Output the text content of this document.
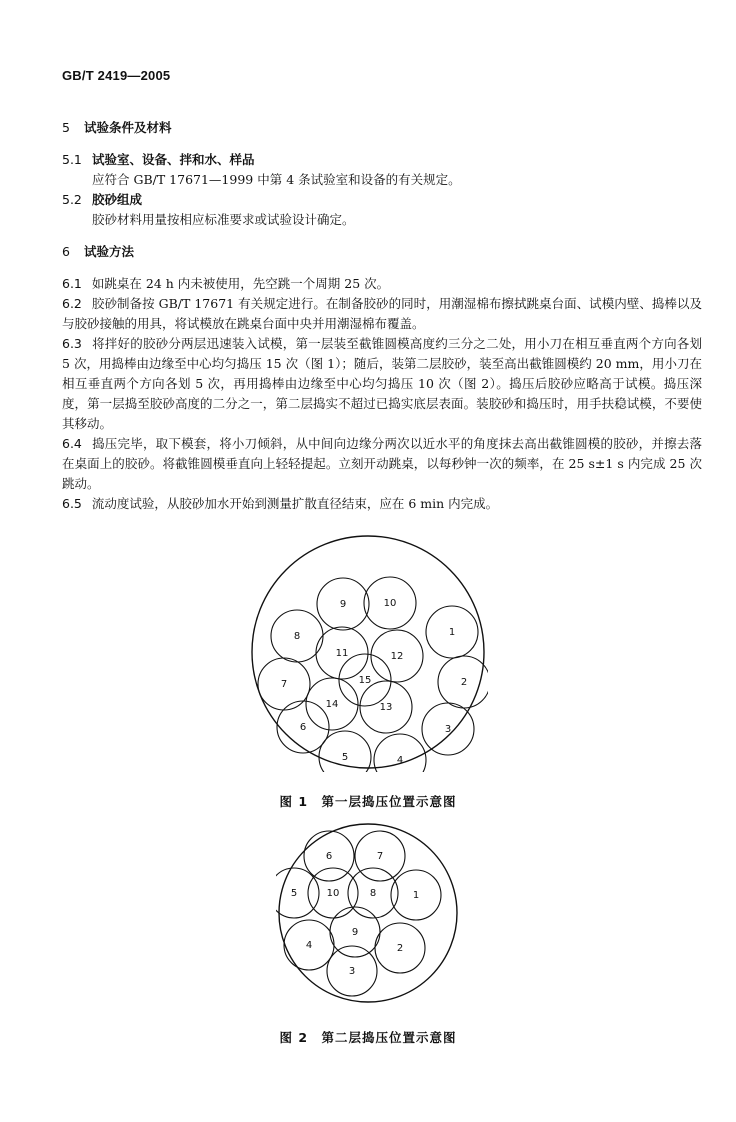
GB/T 2419—2005

5 试验条件及材料

5.1 试验室、设备、拌和水、样品

应符合 GB/T 17671—1999 中第 4 条试验室和设备的有关规定。

5.2 胶砂组成

胶砂材料用量按相应标准要求或试验设计确定。

6 试验方法

6.1 如跳桌在 24 h 内未被使用，先空跳一个周期 25 次。

6.2 胶砂制备按 GB/T 17671 有关规定进行。在制备胶砂的同时，用潮湿棉布擦拭跳桌台面、试模内壁、捣棒以及与胶砂接触的用具，将试模放在跳桌台面中央并用潮湿棉布覆盖。

6.3 将拌好的胶砂分两层迅速装入试模，第一层装至截锥圆模高度约三分之二处，用小刀在相互垂直两个方向各划 5 次，用捣棒由边缘至中心均匀捣压 15 次（图 1）；随后，装第二层胶砂，装至高出截锥圆模约 20 mm，用小刀在相互垂直两个方向各划 5 次，再用捣棒由边缘至中心均匀捣压 10 次（图 2）。捣压后胶砂应略高于试模。捣压深度，第一层捣至胶砂高度的二分之一，第二层捣实不超过已捣实底层表面。装胶砂和捣压时，用手扶稳试模，不要使其移动。

6.4 捣压完毕，取下模套，将小刀倾斜，从中间向边缘分两次以近水平的角度抹去高出截锥圆模的胶砂，并擦去落在桌面上的胶砂。将截锥圆模垂直向上轻轻提起。立刻开动跳桌，以每秒钟一次的频率，在 25 s±1 s 内完成 25 次跳动。

6.5 流动度试验，从胶砂加水开始到测量扩散直径结束，应在 6 min 内完成。

1
2
3
4
5
6
7
8
9	10
11	12
13
14
15
图 1　第一层捣压位置示意图
1
2
3
4
5
6	7
8
9
10
图 2　第二层捣压位置示意图
